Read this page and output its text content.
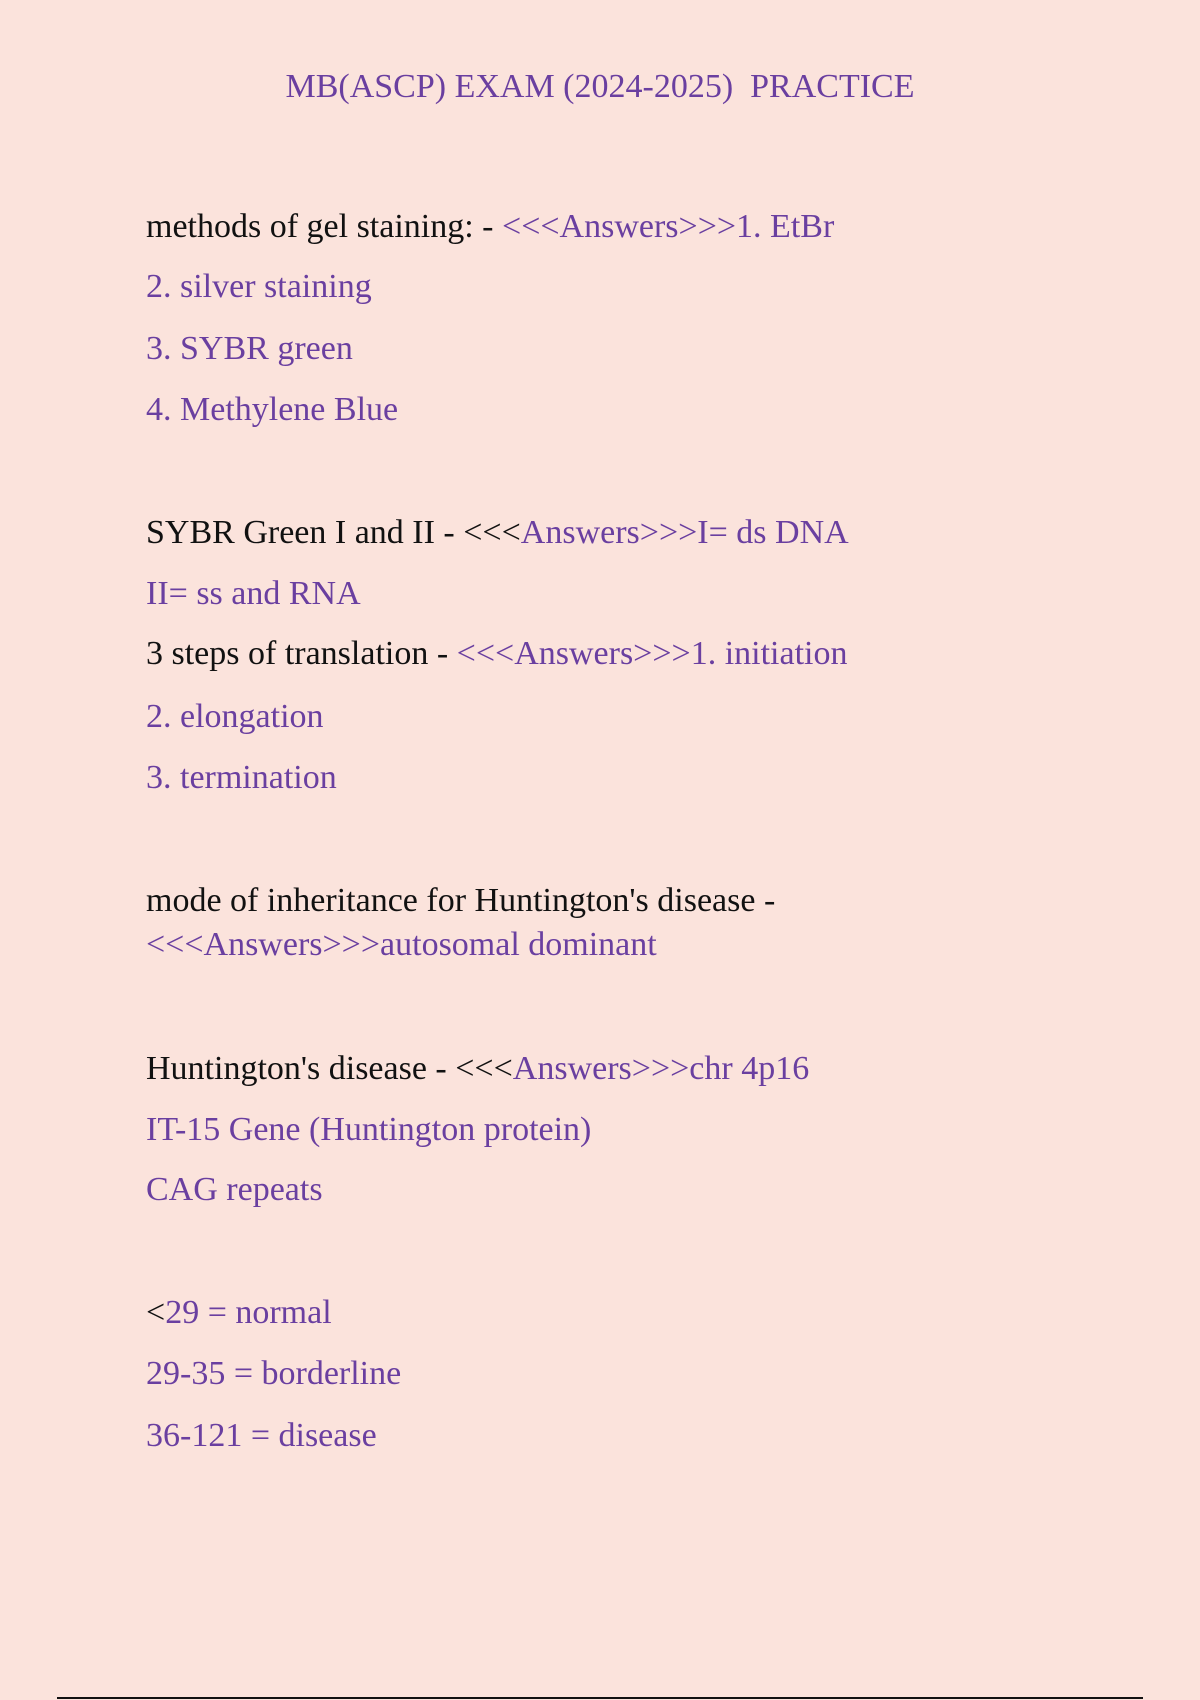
MB(ASCP) EXAM (2024-2025)  PRACTICE
methods of gel staining: - <<<Answers>>>1. EtBr
2. silver staining
3. SYBR green
4. Methylene Blue
SYBR Green I and II - <<<Answers>>>I= ds DNA
II= ss and RNA
3 steps of translation - <<<Answers>>>1. initiation
2. elongation
3. termination
mode of inheritance for Huntington's disease -
<<<Answers>>>autosomal dominant
Huntington's disease - <<<Answers>>>chr 4p16
IT-15 Gene (Huntington protein)
CAG repeats
<29 = normal
29-35 = borderline
36-121 = disease
